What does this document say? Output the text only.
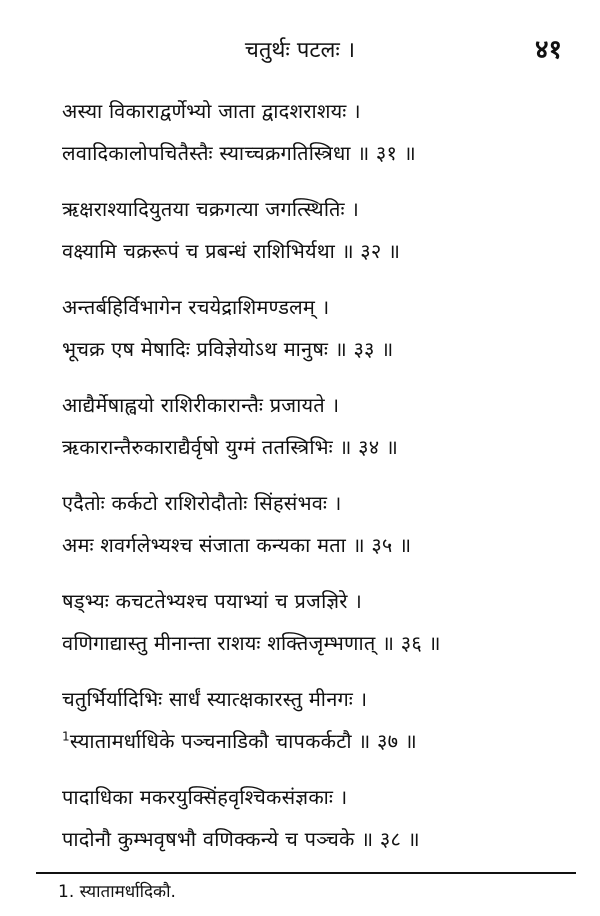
चतुर्थः पटलः ।	४१
अस्या विकाराद्वर्णेभ्यो जाता द्वादशराशयः ।
लवादिकालोपचितैस्तैः स्याच्चक्रगतिस्त्रिधा ॥ ३१ ॥
ऋक्षराश्यादियुतया चक्रगत्या जगत्स्थितिः ।
वक्ष्यामि चक्ररूपं च प्रबन्धं राशिभिर्यथा ॥ ३२ ॥
अन्तर्बहिर्विभागेन रचयेद्राशिमण्डलम् ।
भूचक्र एष मेषादिः प्रविज्ञेयोऽथ मानुषः ॥ ३३ ॥
आद्यैर्मेषाह्वयो राशिरीकारान्तैः प्रजायते ।
ऋकारान्तैरुकाराद्यैर्वृषो युग्मं ततस्त्रिभिः ॥ ३४ ॥
एदैतोः कर्कटो राशिरोदौतोः सिंहसंभवः ।
अमः शवर्गलेभ्यश्च संजाता कन्यका मता ॥ ३५ ॥
षड्भ्यः कचटतेभ्यश्च पयाभ्यां च प्रजज्ञिरे ।
वणिगाद्यास्तु मीनान्ता राशयः शक्तिजृम्भणात् ॥ ३६ ॥
चतुर्भिर्यादिभिः सार्धं स्यात्क्षकारस्तु मीनगः ।
$^1$स्यातामर्धाधिके पञ्चनाडिकौ चापकर्कटौ ॥ ३७ ॥
पादाधिका मकरयुक्सिंहवृश्चिकसंज्ञकाः ।
पादोनौ कुम्भवृषभौ वणिक्कन्ये च पञ्चके ॥ ३८ ॥
1. स्यातामर्धादिकौ.
